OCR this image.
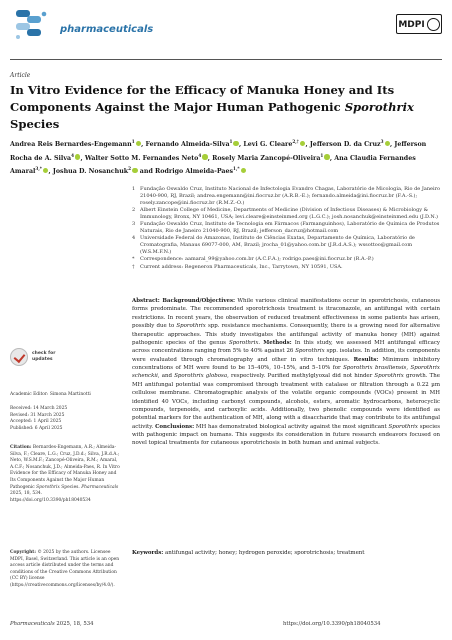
pharmaceuticals	MDPI
Article
In Vitro Evidence for the Efficacy of Manuka Honey and Its Components Against the Major Human Pathogenic Sporothrix Species
Andrea Reis Bernardes-Engemann$^1$ , Fernando Almeida-Silva$^1$ , Levi G. Cleare$^{2,\dagger}$ , Jefferson D. da Cruz$^3$ , Jefferson Rocha de A. Silva$^4$ , Walter Sotto M. Fernandes Neto$^4$ , Rosely Maria Zancopé-Oliveira$^1$ , Ana Claudia Fernandes Amaral$^{3,*}$ , Joshua D. Nosanchuk$^2$ and Rodrigo Almeida-Paes$^{1,*}$
1 Fundação Oswaldo Cruz, Instituto Nacional de Infectologia Evandro Chagas, Laboratório de Micologia, Rio de Janeiro 21040-900, RJ, Brazil; andrea.engemann@ini.fiocruz.br (A.R.B.-E.); fernando.almeida@ini.fiocruz.br (F.A.-S.); rosely.zancope@ini.fiocruz.br (R.M.Z.-O.)
2 Albert Einstein College of Medicine, Departments of Medicine (Division of Infectious Diseases) & Microbiology & Immunology, Bronx, NY 10461, USA; levi.cleare@einsteinmed.org (L.G.C.); josh.nosanchuk@einsteinmed.edu (J.D.N.)
3 Fundação Oswaldo Cruz, Instituto de Tecnologia em Fármacos (Farmanguinhos), Laboratório de Química de Produtos Naturais, Rio de Janeiro 21040-900, RJ, Brazil; jefferson_dacruz@hotmail.com
4 Universidade Federal do Amazonas, Instituto de Ciências Exatas, Departamento de Química, Laboratório de Cromatografia, Manaus 69077-000, AM, Brazil; jrocha_01@yahoo.com.br (J.R.d.A.S.); wssottoo@gmail.com (W.S.M.F.N.)
*	Correspondence: aamaral_99@yahoo.com.br (A.C.F.A.); rodrigo.paes@ini.fiocruz.br (R.A.-P.)
†	Current address: Regeneron Pharmaceuticals, Inc., Tarrytown, NY 10591, USA.
check for
updates
Academic Editor: Simona Martinotti
Received: 14 March 2025
Revised: 31 March 2025
Accepted: 1 April 2025
Published: 6 April 2025
Citation: Bernardes-Engemann, A.R.; Almeida-Silva, F.; Cleare, L.G.; Cruz, J.D.d.; Silva, J.R.d.A.; Neto, W.S.M.F.; Zancopé-Oliveira, R.M.; Amaral, A.C.F.; Nosanchuk, J.D.; Almeida-Paes, R. In Vitro Evidence for the Efficacy of Manuka Honey and Its Components Against the Major Human Pathogenic Sporothrix Species. Pharmaceuticals 2025, 18, 534. https://doi.org/10.3390/ph18040534
Copyright: © 2025 by the authors. Licensee MDPI, Basel, Switzerland. This article is an open access article distributed under the terms and conditions of the Creative Commons Attribution (CC BY) license (https://creativecommons.org/licenses/by/4.0/).
Abstract: Background/Objectives: While various clinical manifestations occur in sporotrichosis, cutaneous forms predominate. The recommended sporotrichosis treatment is itraconazole, an antifungal with certain restrictions. In recent years, the observation of reduced treatment effectiveness in some patients has arisen, possibly due to Sporothrix spp. resistance mechanisms. Consequently, there is a growing need for alternative therapeutic approaches. This study investigates the antifungal activity of manuka honey (MH) against pathogenic species of the genus Sporothrix. Methods: In this study, we assessed MH antifungal efficacy across concentrations ranging from 5% to 40% against 26 Sporothrix spp. isolates. In addition, its components were evaluated through chromatography and other in vitro techniques. Results: Minimum inhibitory concentrations of MH were found to be 15–40%, 10–15%, and 5–10% for Sporothrix brasiliensis, Sporothrix schenckii, and Sporothrix globosa, respectively. Purified methylglyoxal did not hinder Sporothrix growth. The MH antifungal potential was compromised through treatment with catalase or filtration through a 0.22 µm cellulose membrane. Chromatographic analysis of the volatile organic compounds (VOCs) present in MH identified 40 VOCs, including carbonyl compounds, alcohols, esters, aromatic hydrocarbons, heterocyclic compounds, terpenoids, and carboxylic acids. Additionally, two phenolic compounds were identified as potential markers for the authentication of MH, along with a disaccharide that may contribute to its antifungal activity. Conclusions: MH has demonstrated biological activity against the most significant Sporothrix species with pathogenic impact on humans. This suggests its consideration in future research endeavors focused on novel topical treatments for cutaneous sporotrichosis in both human and animal subjects.
Keywords: antifungal activity; honey; hydrogen peroxide; sporotrichosis; treatment
Pharmaceuticals 2025, 18, 534	https://doi.org/10.3390/ph18040534
